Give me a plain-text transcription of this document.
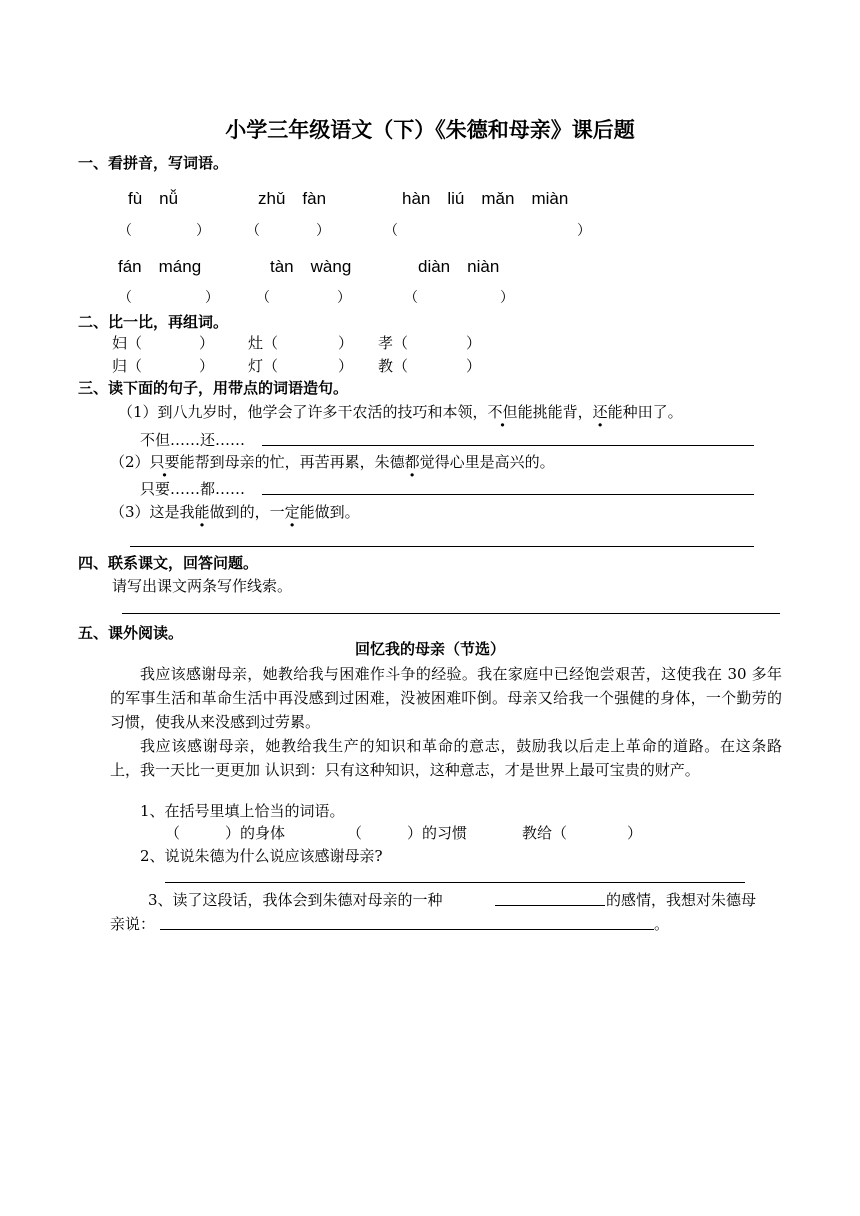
小学三年级语文（下）《朱德和母亲》课后题
一、看拼音，写词语。
fù　nǚ	zhǔ　fàn	hàn　liú　mǎn　miàn
（	）	（	）	（	）
fán　máng	tàn　wàng	diàn　niàn
（	）	（	）	（	）
二、比一比，再组词。
妇（	） 灶（	） 孝（	）
归（	） 灯（	） 教（	）
三、读下面的句子，用带点的词语造句。
（1）到八九岁时，他学会了许多干农活的技巧和本领，不但能挑能背，还能种田了。
不但……还……
（2）只要能帮到母亲的忙，再苦再累，朱德都觉得心里是高兴的。
只要……都……
（3）这是我能做到的，一定能做到。
四、联系课文，回答问题。
请写出课文两条写作线索。
五、课外阅读。
回忆我的母亲（节选）
我应该感谢母亲，她教给我与困难作斗争的经验。我在家庭中已经饱尝艰苦，这使我在 30 多年的军事生活和革命生活中再没感到过困难，没被困难吓倒。母亲又给我一个强健的身体，一个勤劳的习惯，使我从来没感到过劳累。
我应该感谢母亲，她教给我生产的知识和革命的意志，鼓励我以后走上革命的道路。在这条路上，我一天比一更更加 认识到：只有这种知识，这种意志，才是世界上最可宝贵的财产。
1、在括号里填上恰当的词语。
（　　　）的身体	（　　　）的习惯	教给（　　　　）
2、说说朱德为什么说应该感谢母亲?
3、读了这段话，我体会到朱德对母亲的一种	的感情，我想对朱德母
亲说：	。
